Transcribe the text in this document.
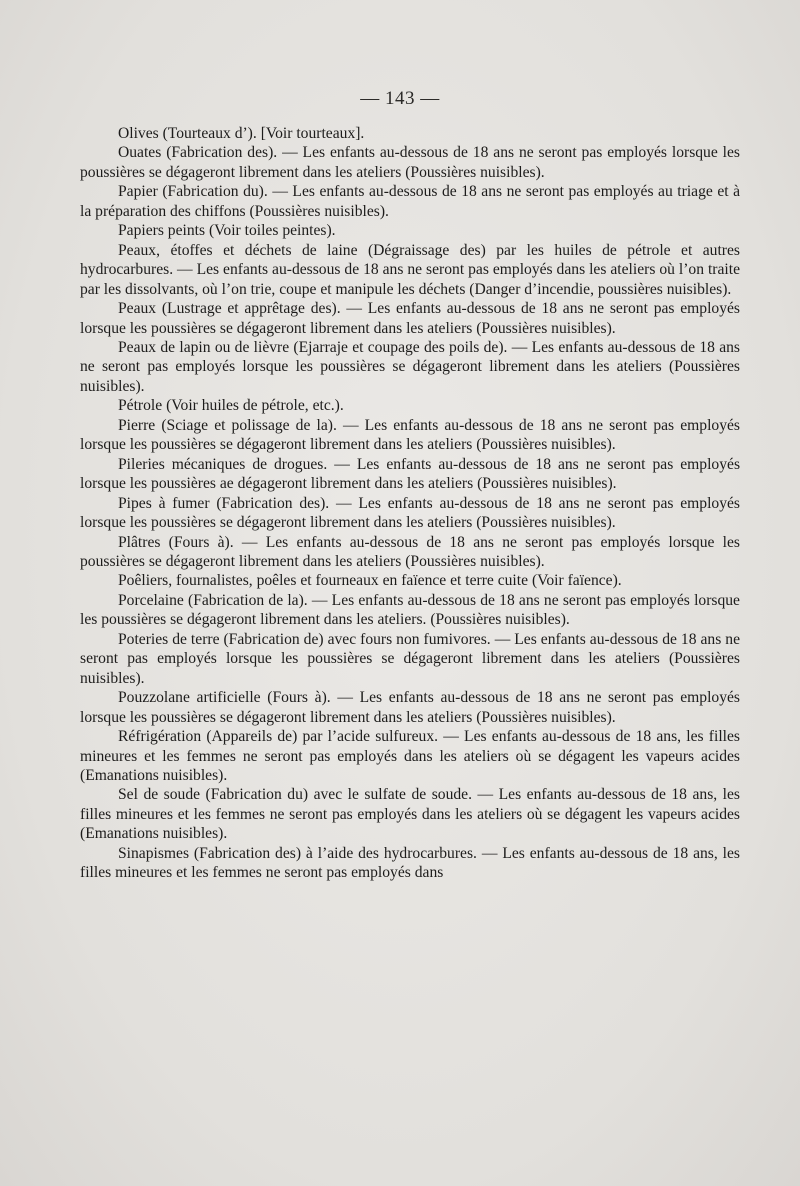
— 143 —

Olives (Tourteaux d’). [Voir tourteaux].

Ouates (Fabrication des). — Les enfants au-dessous de 18 ans ne seront pas employés lorsque les poussières se dégageront librement dans les ateliers (Poussières nuisibles).

Papier (Fabrication du). — Les enfants au-dessous de 18 ans ne seront pas employés au triage et à la préparation des chiffons (Poussières nuisibles).

Papiers peints (Voir toiles peintes).

Peaux, étoffes et déchets de laine (Dégraissage des) par les huiles de pétrole et autres hydrocarbures. — Les enfants au-dessous de 18 ans ne seront pas employés dans les ateliers où l’on traite par les dissolvants, où l’on trie, coupe et manipule les déchets (Danger d’incendie, poussières nuisibles).

Peaux (Lustrage et apprêtage des). — Les enfants au-dessous de 18 ans ne seront pas employés lorsque les poussières se dégageront librement dans les ateliers (Poussières nuisibles).

Peaux de lapin ou de lièvre (Ejarraje et coupage des poils de). — Les enfants au-dessous de 18 ans ne seront pas employés lorsque les poussières se dégageront librement dans les ateliers (Poussières nuisibles).

Pétrole (Voir huiles de pétrole, etc.).

Pierre (Sciage et polissage de la). — Les enfants au-dessous de 18 ans ne seront pas employés lorsque les poussières se dégageront librement dans les ateliers (Poussières nuisibles).

Pileries mécaniques de drogues. — Les enfants au-dessous de 18 ans ne seront pas employés lorsque les poussières ae dégageront librement dans les ateliers (Poussières nuisibles).

Pipes à fumer (Fabrication des). — Les enfants au-dessous de 18 ans ne seront pas employés lorsque les poussières se dégageront librement dans les ateliers (Poussières nuisibles).

Plâtres (Fours à). — Les enfants au-dessous de 18 ans ne seront pas employés lorsque les poussières se dégageront librement dans les ateliers (Poussières nuisibles).

Poêliers, fournalistes, poêles et fourneaux en faïence et terre cuite (Voir faïence).

Porcelaine (Fabrication de la). — Les enfants au-dessous de 18 ans ne seront pas employés lorsque les poussières se dégageront librement dans les ateliers. (Poussières nuisibles).

Poteries de terre (Fabrication de) avec fours non fumivores. — Les enfants au-dessous de 18 ans ne seront pas employés lorsque les poussières se dégageront librement dans les ateliers (Poussières nuisibles).

Pouzzolane artificielle (Fours à). — Les enfants au-dessous de 18 ans ne seront pas employés lorsque les poussières se dégageront librement dans les ateliers (Poussières nuisibles).

Réfrigération (Appareils de) par l’acide sulfureux. — Les enfants au-dessous de 18 ans, les filles mineures et les femmes ne seront pas employés dans les ateliers où se dégagent les vapeurs acides (Emanations nuisibles).

Sel de soude (Fabrication du) avec le sulfate de soude. — Les enfants au-dessous de 18 ans, les filles mineures et les femmes ne seront pas employés dans les ateliers où se dégagent les vapeurs acides (Emanations nuisibles).

Sinapismes (Fabrication des) à l’aide des hydrocarbures. — Les enfants au-dessous de 18 ans, les filles mineures et les femmes ne seront pas employés dans
